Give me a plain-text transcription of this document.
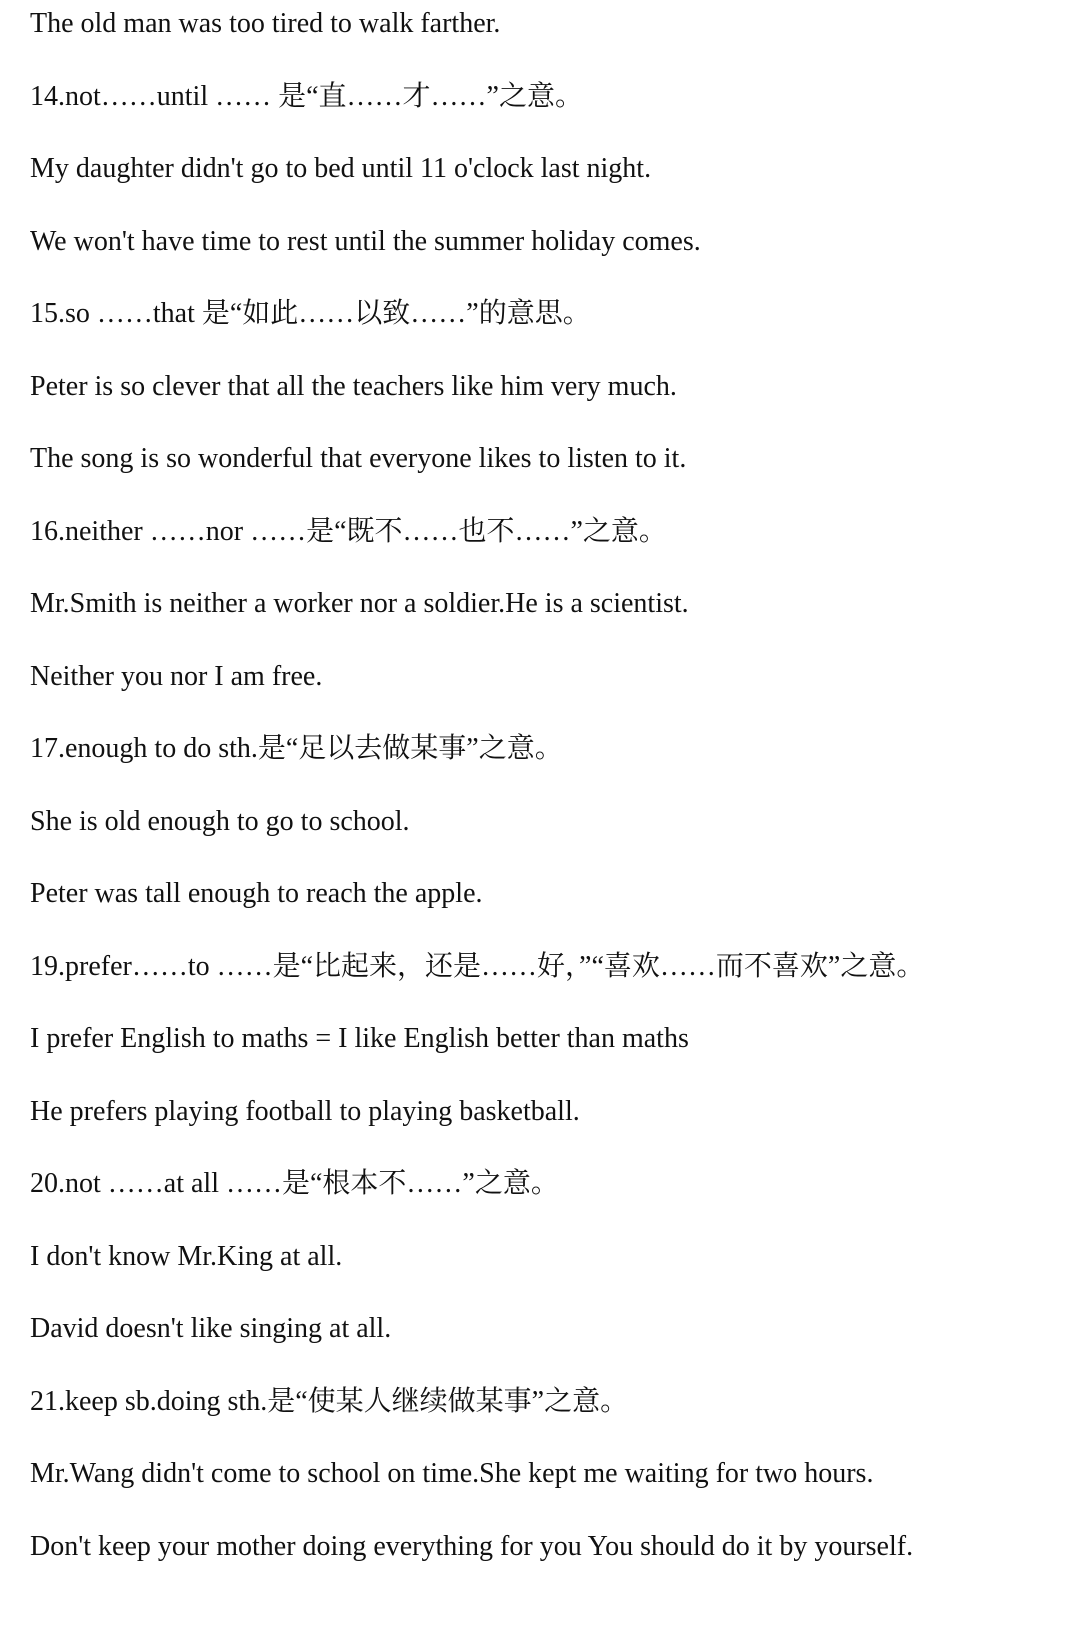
The old man was too tired to walk farther.

14.not……until …… 是“直……才……”之意。

My daughter didn't go to bed until 11 o'clock last night.

We won't have time to rest until the summer holiday comes.

15.so ……that 是“如此……以致……”的意思。

Peter is so clever that all the teachers like him very much.

The song is so wonderful that everyone likes to listen to it.

16.neither ……nor ……是“既不……也不……”之意。

Mr.Smith is neither a worker nor a soldier.He is a scientist.

Neither you nor I am free.

17.enough to do sth.是“足以去做某事”之意。

She is old enough to go to school.

Peter was tall enough to reach the apple.

19.prefer……to ……是“比起来，还是……好，”“喜欢……而不喜欢”之意。

I prefer English to maths = I like English better than maths

He prefers playing football to playing basketball.

20.not ……at all ……是“根本不……”之意。

I don't know Mr.King at all.

David doesn't like singing at all.

21.keep sb.doing sth.是“使某人继续做某事”之意。

Mr.Wang didn't come to school on time.She kept me waiting for two hours.

Don't keep your mother doing everything for you You should do it by yourself.
